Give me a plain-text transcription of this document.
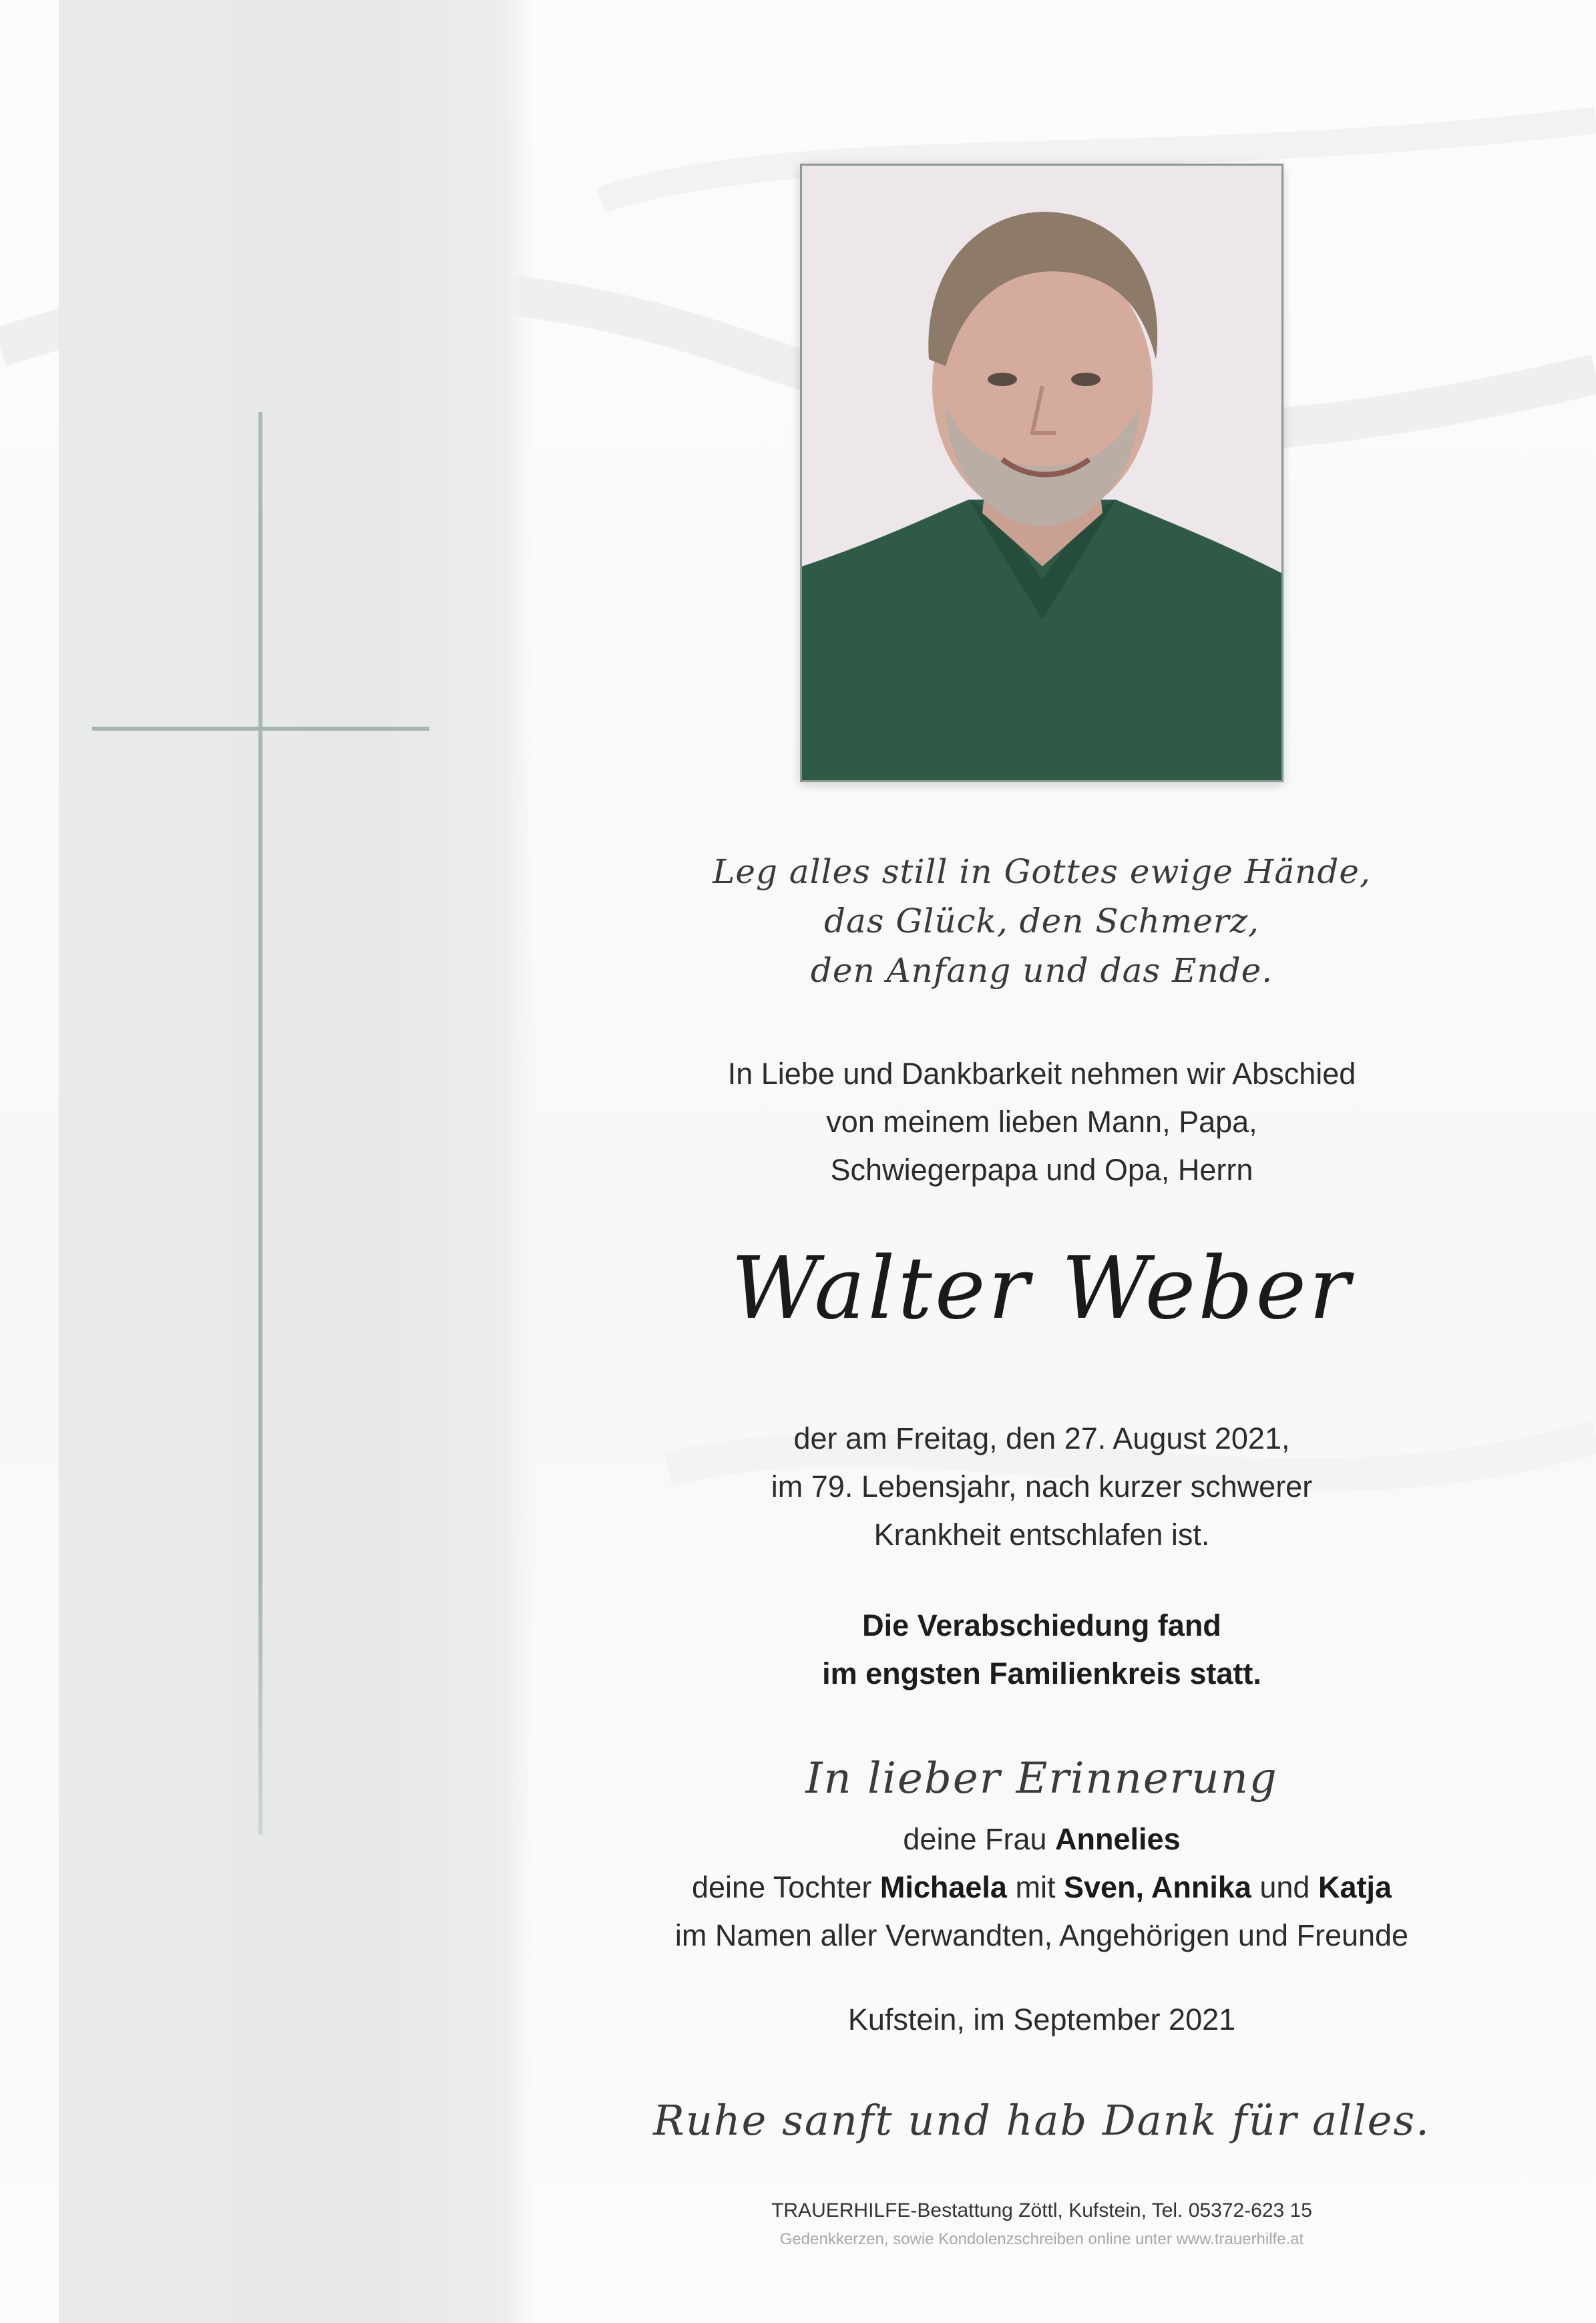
Leg alles still in Gottes ewige Hände,
das Glück, den Schmerz,
den Anfang und das Ende.
In Liebe und Dankbarkeit nehmen wir Abschied
von meinem lieben Mann, Papa,
Schwiegerpapa und Opa, Herrn
Walter Weber
der am Freitag, den 27. August 2021,
im 79. Lebensjahr, nach kurzer schwerer
Krankheit entschlafen ist.
Die Verabschiedung fand
im engsten Familienkreis statt.
In lieber Erinnerung
deine Frau Annelies
deine Tochter Michaela mit Sven, Annika und Katja
im Namen aller Verwandten, Angehörigen und Freunde
Kufstein, im September 2021
Ruhe sanft und hab Dank für alles.
TRAUERHILFE-Bestattung Zöttl, Kufstein, Tel. 05372-623 15
Gedenkkerzen, sowie Kondolenzschreiben online unter www.trauerhilfe.at
